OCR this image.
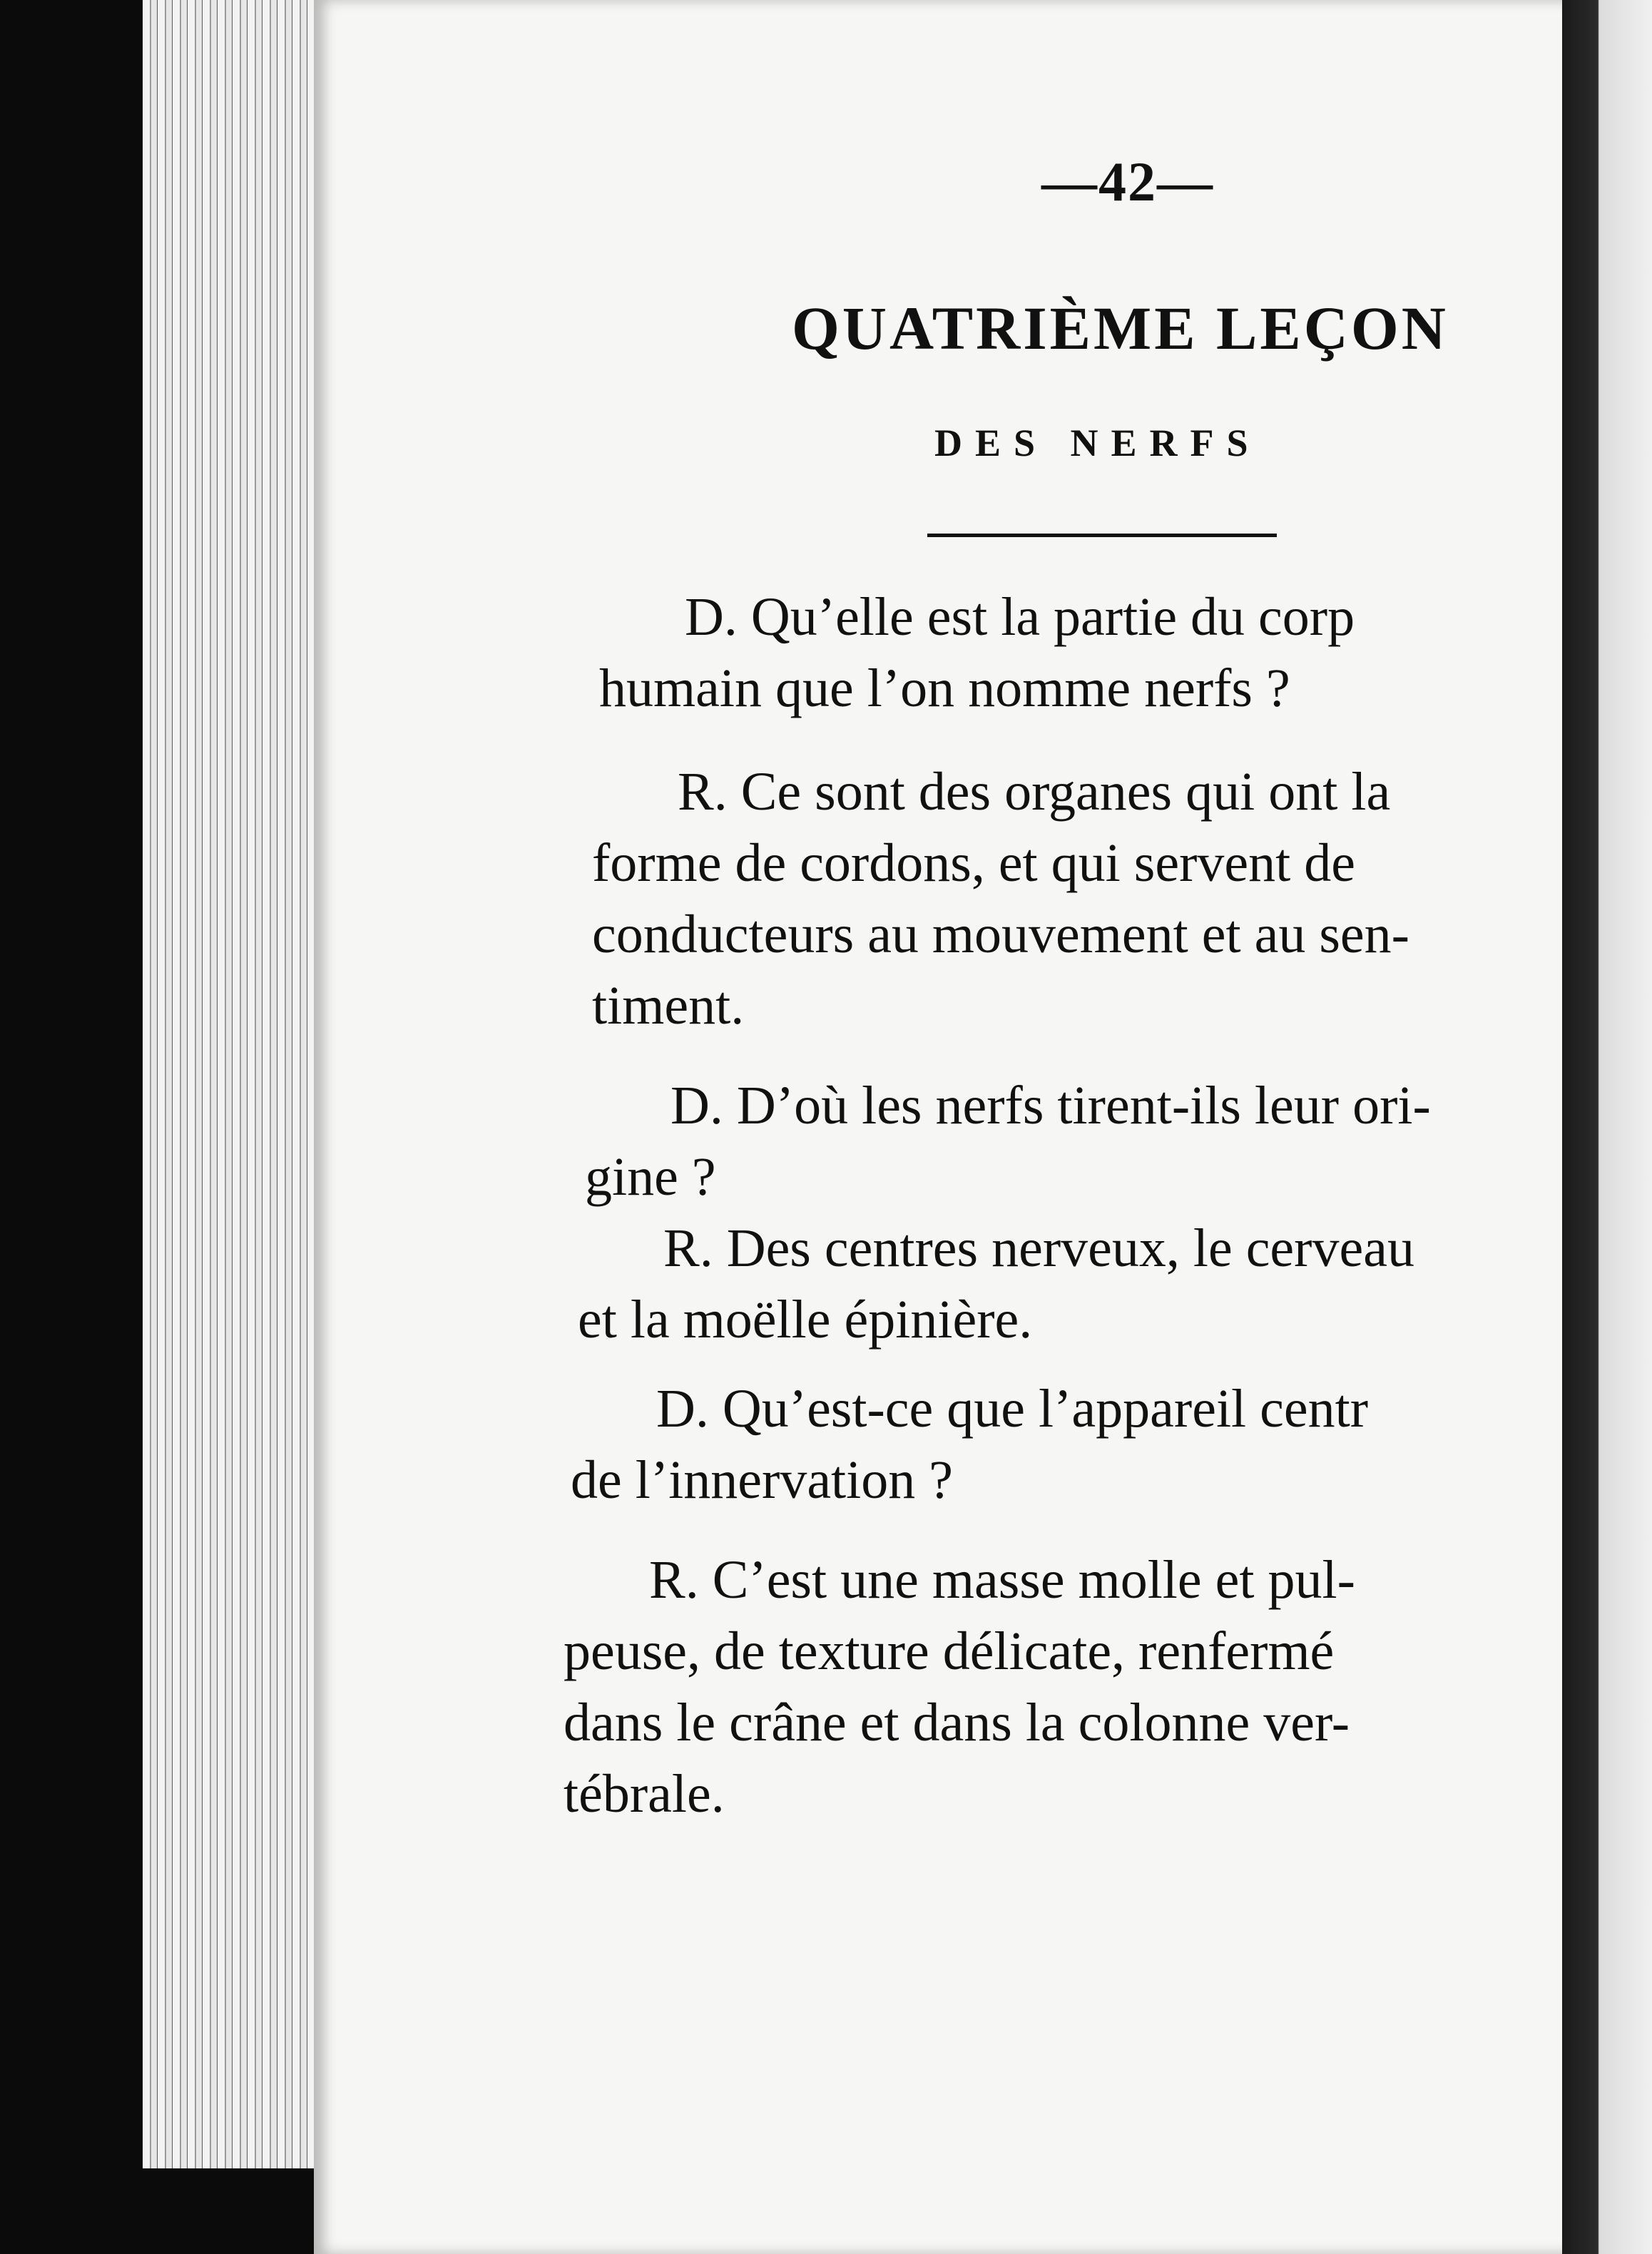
—42—
QUATRIÈME LEÇON
DES NERFS
D. Qu’elle est la partie du corp
humain que l’on nomme nerfs ?
R. Ce sont des organes qui ont la
forme de cordons, et qui servent de
conducteurs au mouvement et au sen-
timent.
D. D’où les nerfs tirent-ils leur ori-
gine ?
R. Des centres nerveux, le cerveau
et la moëlle épinière.
D. Qu’est-ce que l’appareil centr
de l’innervation ?
R. C’est une masse molle et pul-
peuse, de texture délicate, renfermé
dans le crâne et dans la colonne ver-
tébrale.
